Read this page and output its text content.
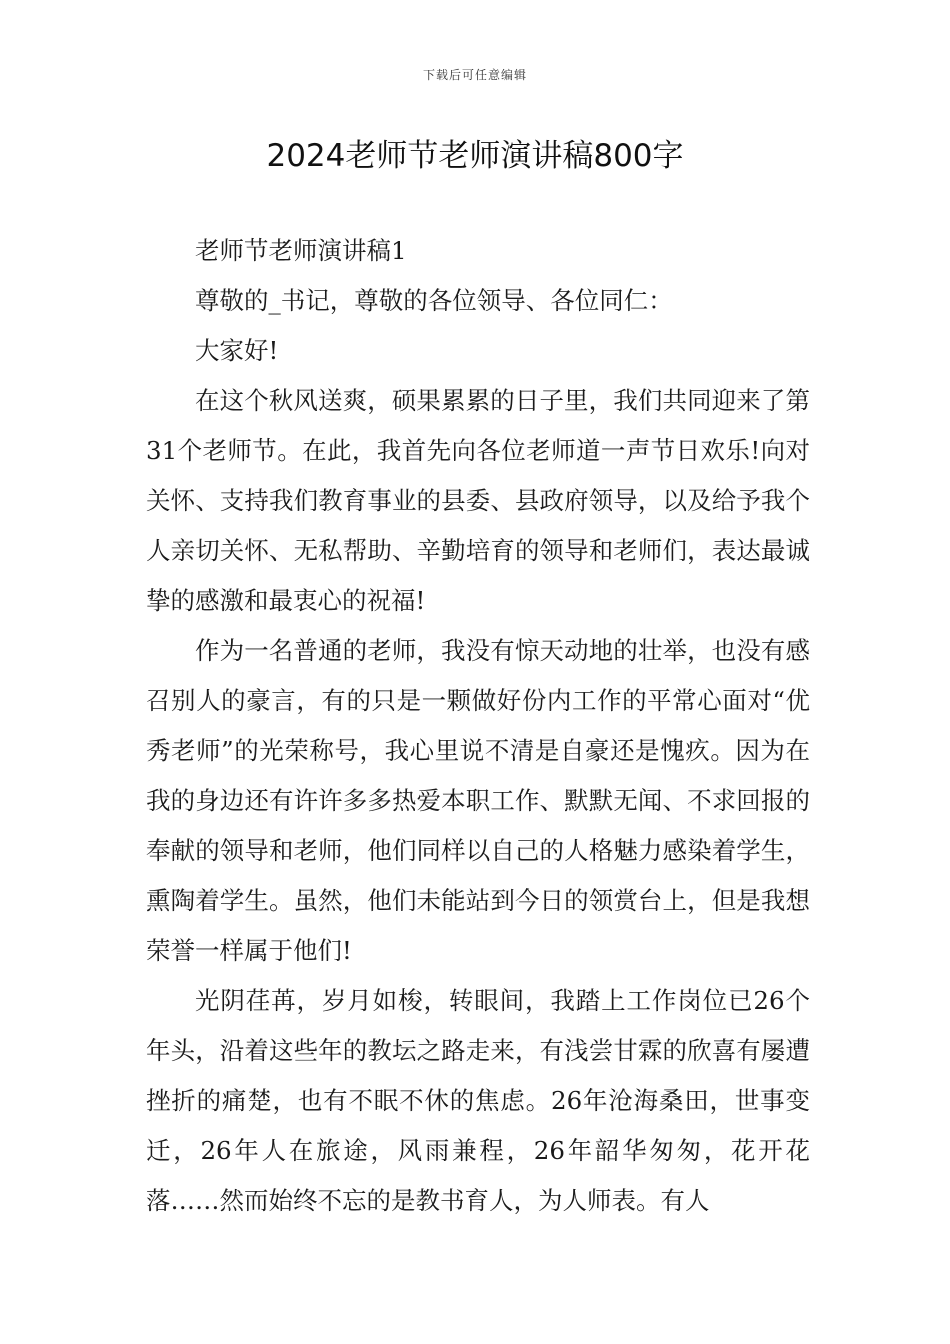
下载后可任意编辑
2024老师节老师演讲稿800字

老师节老师演讲稿1

尊敬的_书记，尊敬的各位领导、各位同仁：

大家好!

在这个秋风送爽，硕果累累的日子里，我们共同迎来了第31个老师节。在此，我首先向各位老师道一声节日欢乐!向对关怀、支持我们教育事业的县委、县政府领导，以及给予我个人亲切关怀、无私帮助、辛勤培育的领导和老师们，表达最诚挚的感激和最衷心的祝福!

作为一名普通的老师，我没有惊天动地的壮举，也没有感召别人的豪言，有的只是一颗做好份内工作的平常心面对“优秀老师”的光荣称号，我心里说不清是自豪还是愧疚。因为在我的身边还有许许多多热爱本职工作、默默无闻、不求回报的奉献的领导和老师，他们同样以自己的人格魅力感染着学生，熏陶着学生。虽然，他们未能站到今日的领赏台上，但是我想荣誉一样属于他们!

光阴荏苒，岁月如梭，转眼间，我踏上工作岗位已26个年头，沿着这些年的教坛之路走来，有浅尝甘霖的欣喜有屡遭挫折的痛楚，也有不眠不休的焦虑。26年沧海桑田，世事变迁，26年人在旅途，风雨兼程，26年韶华匆匆，花开花落……然而始终不忘的是教书育人，为人师表。有人
